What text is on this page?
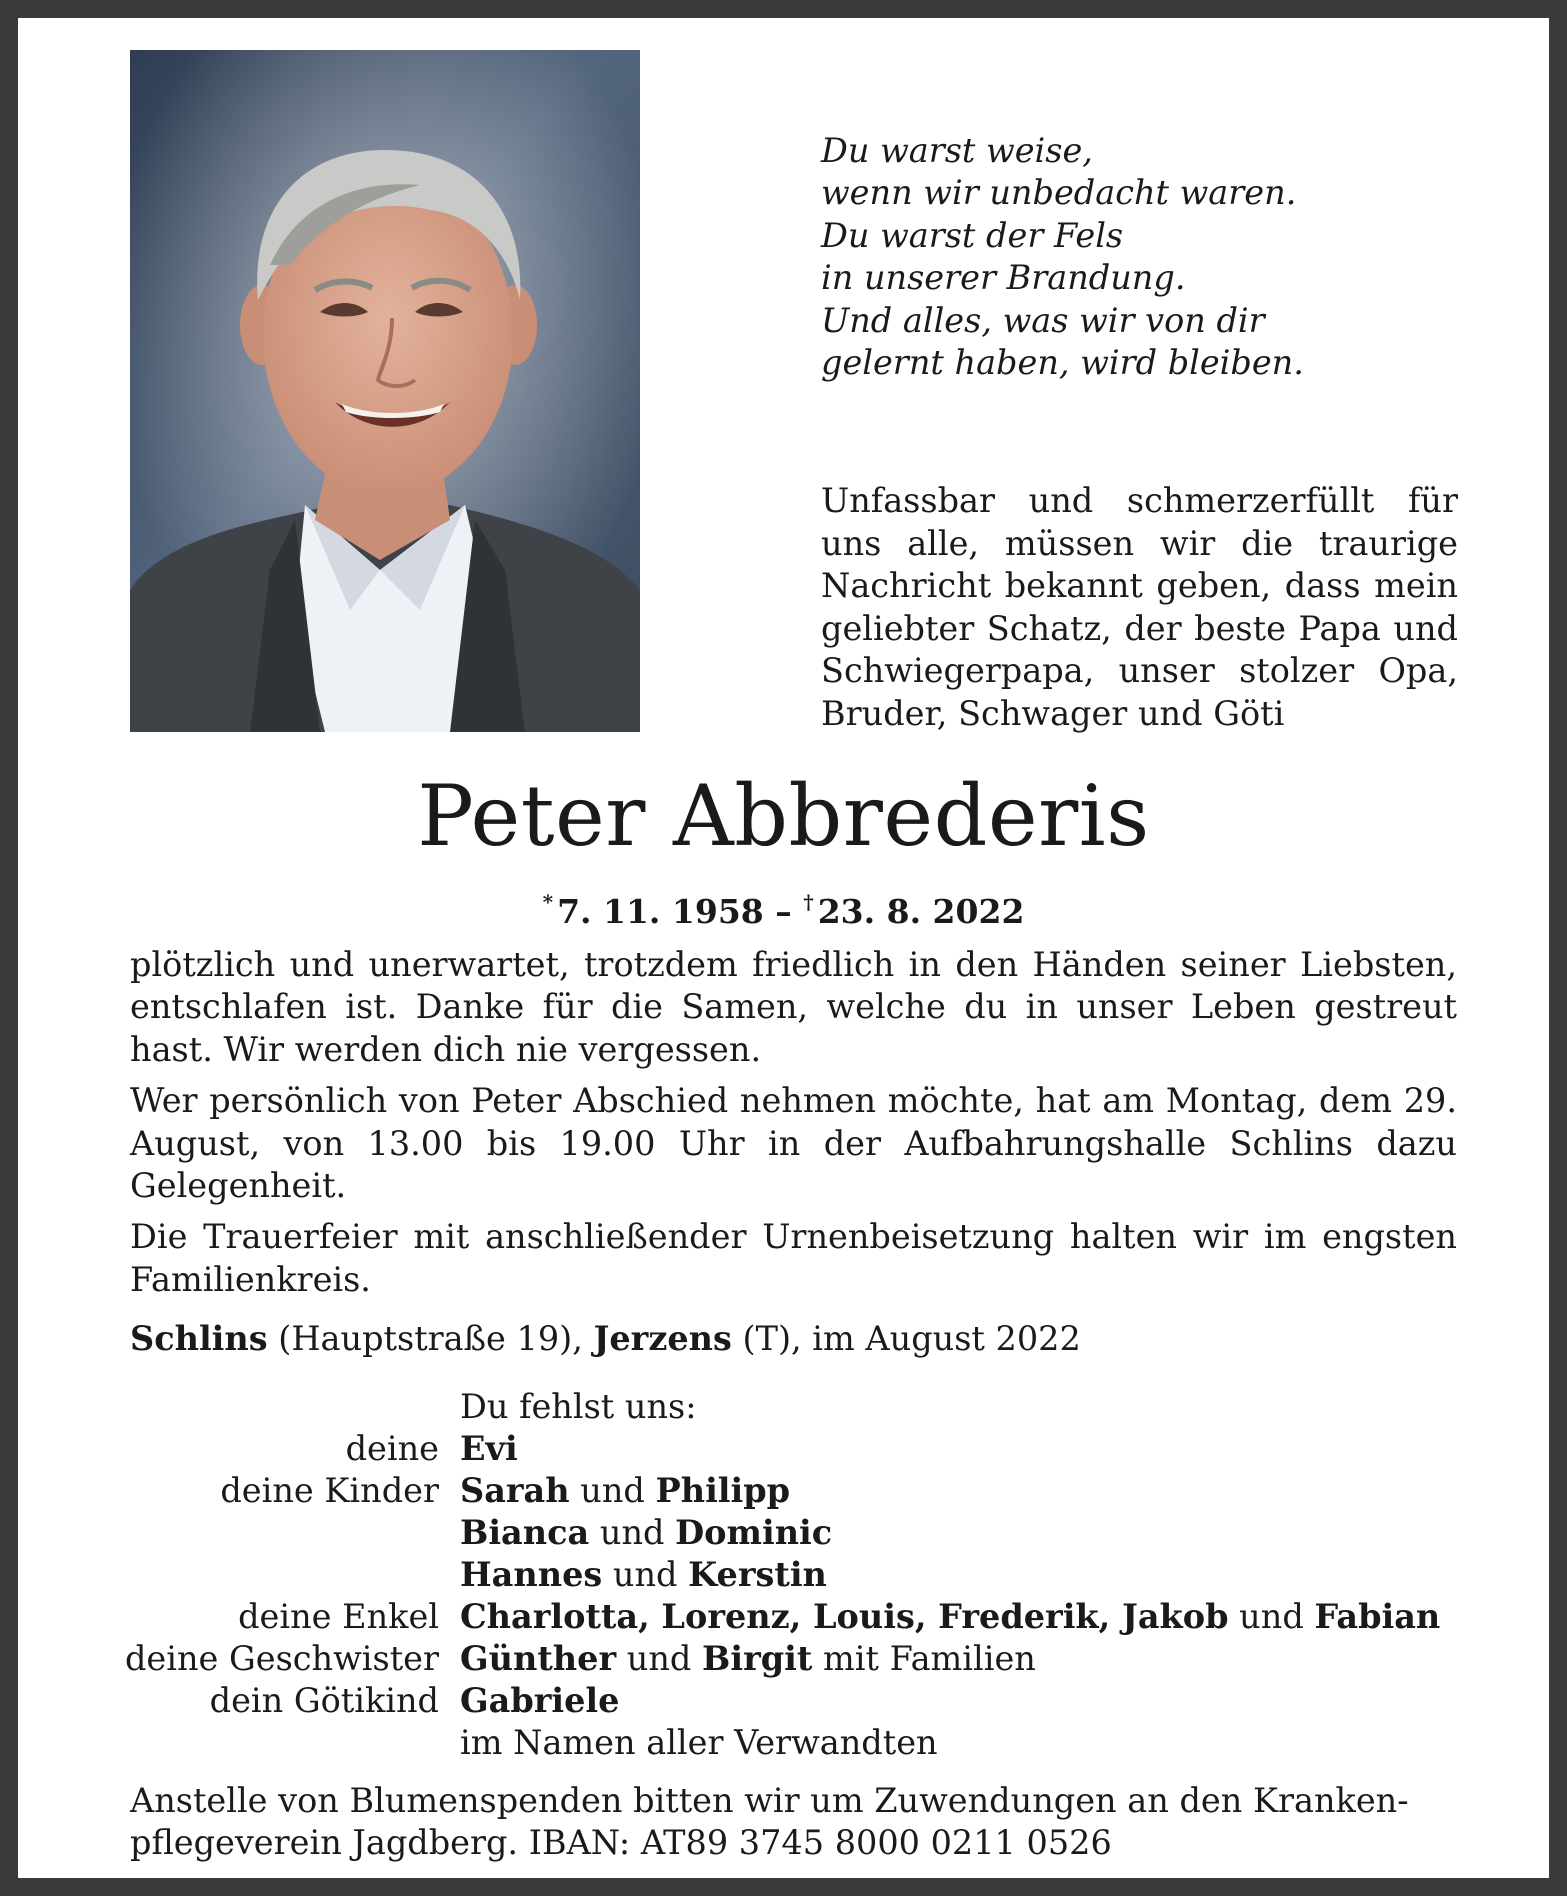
Du warst weise,
wenn wir unbedacht waren.
Du warst der Fels
in unserer Brandung.
Und alles, was wir von dir
gelernt haben, wird bleiben.
Unfassbar und schmerzerfüllt für uns alle, müssen wir die traurige Nachricht bekannt geben, dass mein geliebter Schatz, der beste Papa und Schwiegerpapa, unser stolzer Opa, Bruder, Schwager und Göti
Peter Abbrederis
* 7. 11. 1958 – † 23. 8. 2022

plötzlich und unerwartet, trotzdem friedlich in den Händen seiner Liebsten, entschlafen ist. Danke für die Samen, welche du in unser Leben gestreut hast. Wir werden dich nie vergessen.

Wer persönlich von Peter Abschied nehmen möchte, hat am Montag, dem 29. August, von 13.00 bis 19.00 Uhr in der Aufbahrungshalle Schlins dazu Gelegenheit.

Die Trauerfeier mit anschließender Urnenbeisetzung halten wir im engsten Familienkreis.

Schlins (Hauptstraße 19), Jerzens (T), im August 2022
Du fehlst uns:
deine Evi
deine Kinder Sarah und Philipp
Bianca und Dominic
Hannes und Kerstin
deine Enkel Charlotta, Lorenz, Louis, Frederik, Jakob und Fabian
deine Geschwister Günther und Birgit mit Familien
dein Götikind Gabriele
im Namen aller Verwandten
Anstelle von Blumenspenden bitten wir um Zuwendungen an den Kranken-
pflegeverein Jagdberg. IBAN: AT89 3745 8000 0211 0526
